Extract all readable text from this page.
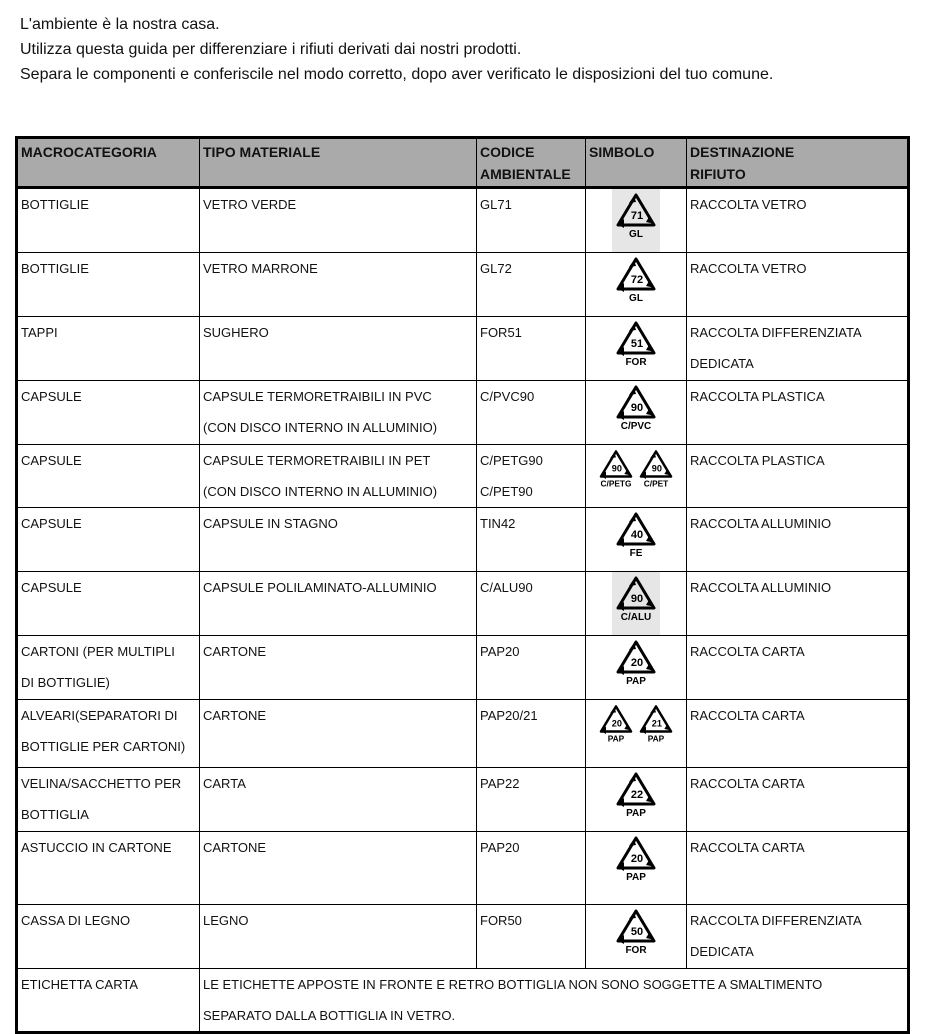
L'ambiente è la nostra casa.

Utilizza questa guida per differenziare i rifiuti derivati dai nostri prodotti.

Separa le componenti e conferiscile nel modo corretto, dopo aver verificato le disposizioni del tuo comune.

MACROCATEGORIA	TIPO MATERIALE	CODICE
AMBIENTALE	SIMBOLO	DESTINAZIONE
RIFIUTO

BOTTIGLIE	VETRO VERDE	GL71	71
GL	RACCOLTA VETRO

BOTTIGLIE	VETRO MARRONE	GL72	72
GL	RACCOLTA VETRO

TAPPI	SUGHERO	FOR51	51
FOR	RACCOLTA DIFFERENZIATA
DEDICATA

CAPSULE	CAPSULE TERMORETRAIBILI IN PVC
(CON DISCO INTERNO IN ALLUMINIO)	C/PVC90	90
C/PVC	RACCOLTA PLASTICA

CAPSULE	CAPSULE TERMORETRAIBILI IN PET
(CON DISCO INTERNO IN ALLUMINIO)	C/PETG90
C/PET90	90
C/PETG
90
C/PET	RACCOLTA PLASTICA

CAPSULE	CAPSULE IN STAGNO	TIN42	40
FE	RACCOLTA ALLUMINIO

CAPSULE	CAPSULE POLILAMINATO-ALLUMINIO	C/ALU90	90
C/ALU	RACCOLTA ALLUMINIO

CARTONI (PER MULTIPLI
DI BOTTIGLIE)	CARTONE	PAP20	20
PAP	RACCOLTA CARTA

ALVEARI(SEPARATORI DI
BOTTIGLIE PER CARTONI)	CARTONE	PAP20/21	20
PAP
21
PAP	RACCOLTA CARTA

VELINA/SACCHETTO PER
BOTTIGLIA	CARTA	PAP22	22
PAP	RACCOLTA CARTA

ASTUCCIO IN CARTONE	CARTONE	PAP20	20
PAP	RACCOLTA CARTA

CASSA DI LEGNO	LEGNO	FOR50	50
FOR	RACCOLTA DIFFERENZIATA
DEDICATA

ETICHETTA CARTA	LE ETICHETTE APPOSTE IN FRONTE E RETRO BOTTIGLIA NON SONO SOGGETTE A SMALTIMENTO
SEPARATO DALLA BOTTIGLIA IN VETRO.			
